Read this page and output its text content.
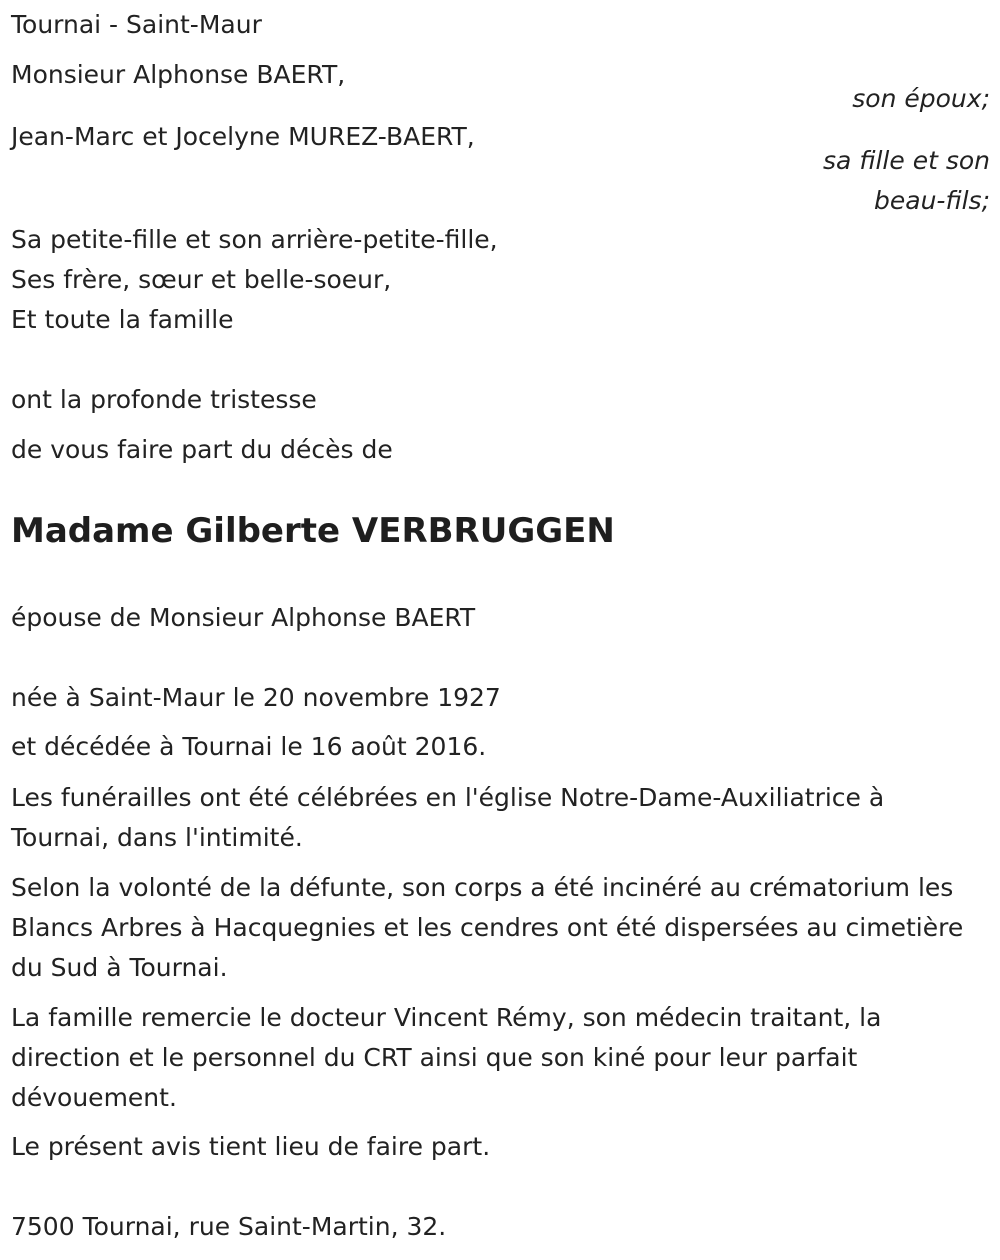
Tournai - Saint-Maur

Monsieur Alphonse BAERT,

son époux;

Jean-Marc et Jocelyne MUREZ-BAERT,

sa fille et son
beau-fils;

Sa petite-fille et son arrière-petite-fille,

Ses frère, sœur et belle-soeur,

Et toute la famille

ont la profonde tristesse

de vous faire part du décès de

Madame Gilberte VERBRUGGEN

épouse de Monsieur Alphonse BAERT

née à Saint-Maur le 20 novembre 1927

et décédée à Tournai le 16 août 2016.

Les funérailles ont été célébrées en l'église Notre-Dame-Auxiliatrice à Tournai, dans l'intimité.

Selon la volonté de la défunte, son corps a été incinéré au crématorium les Blancs Arbres à Hacquegnies et les cendres ont été dispersées au cimetière du Sud à Tournai.

La famille remercie le docteur Vincent Rémy, son médecin traitant, la direction et le personnel du CRT ainsi que son kiné pour leur parfait dévouement.

Le présent avis tient lieu de faire part.

7500 Tournai, rue Saint-Martin, 32.
